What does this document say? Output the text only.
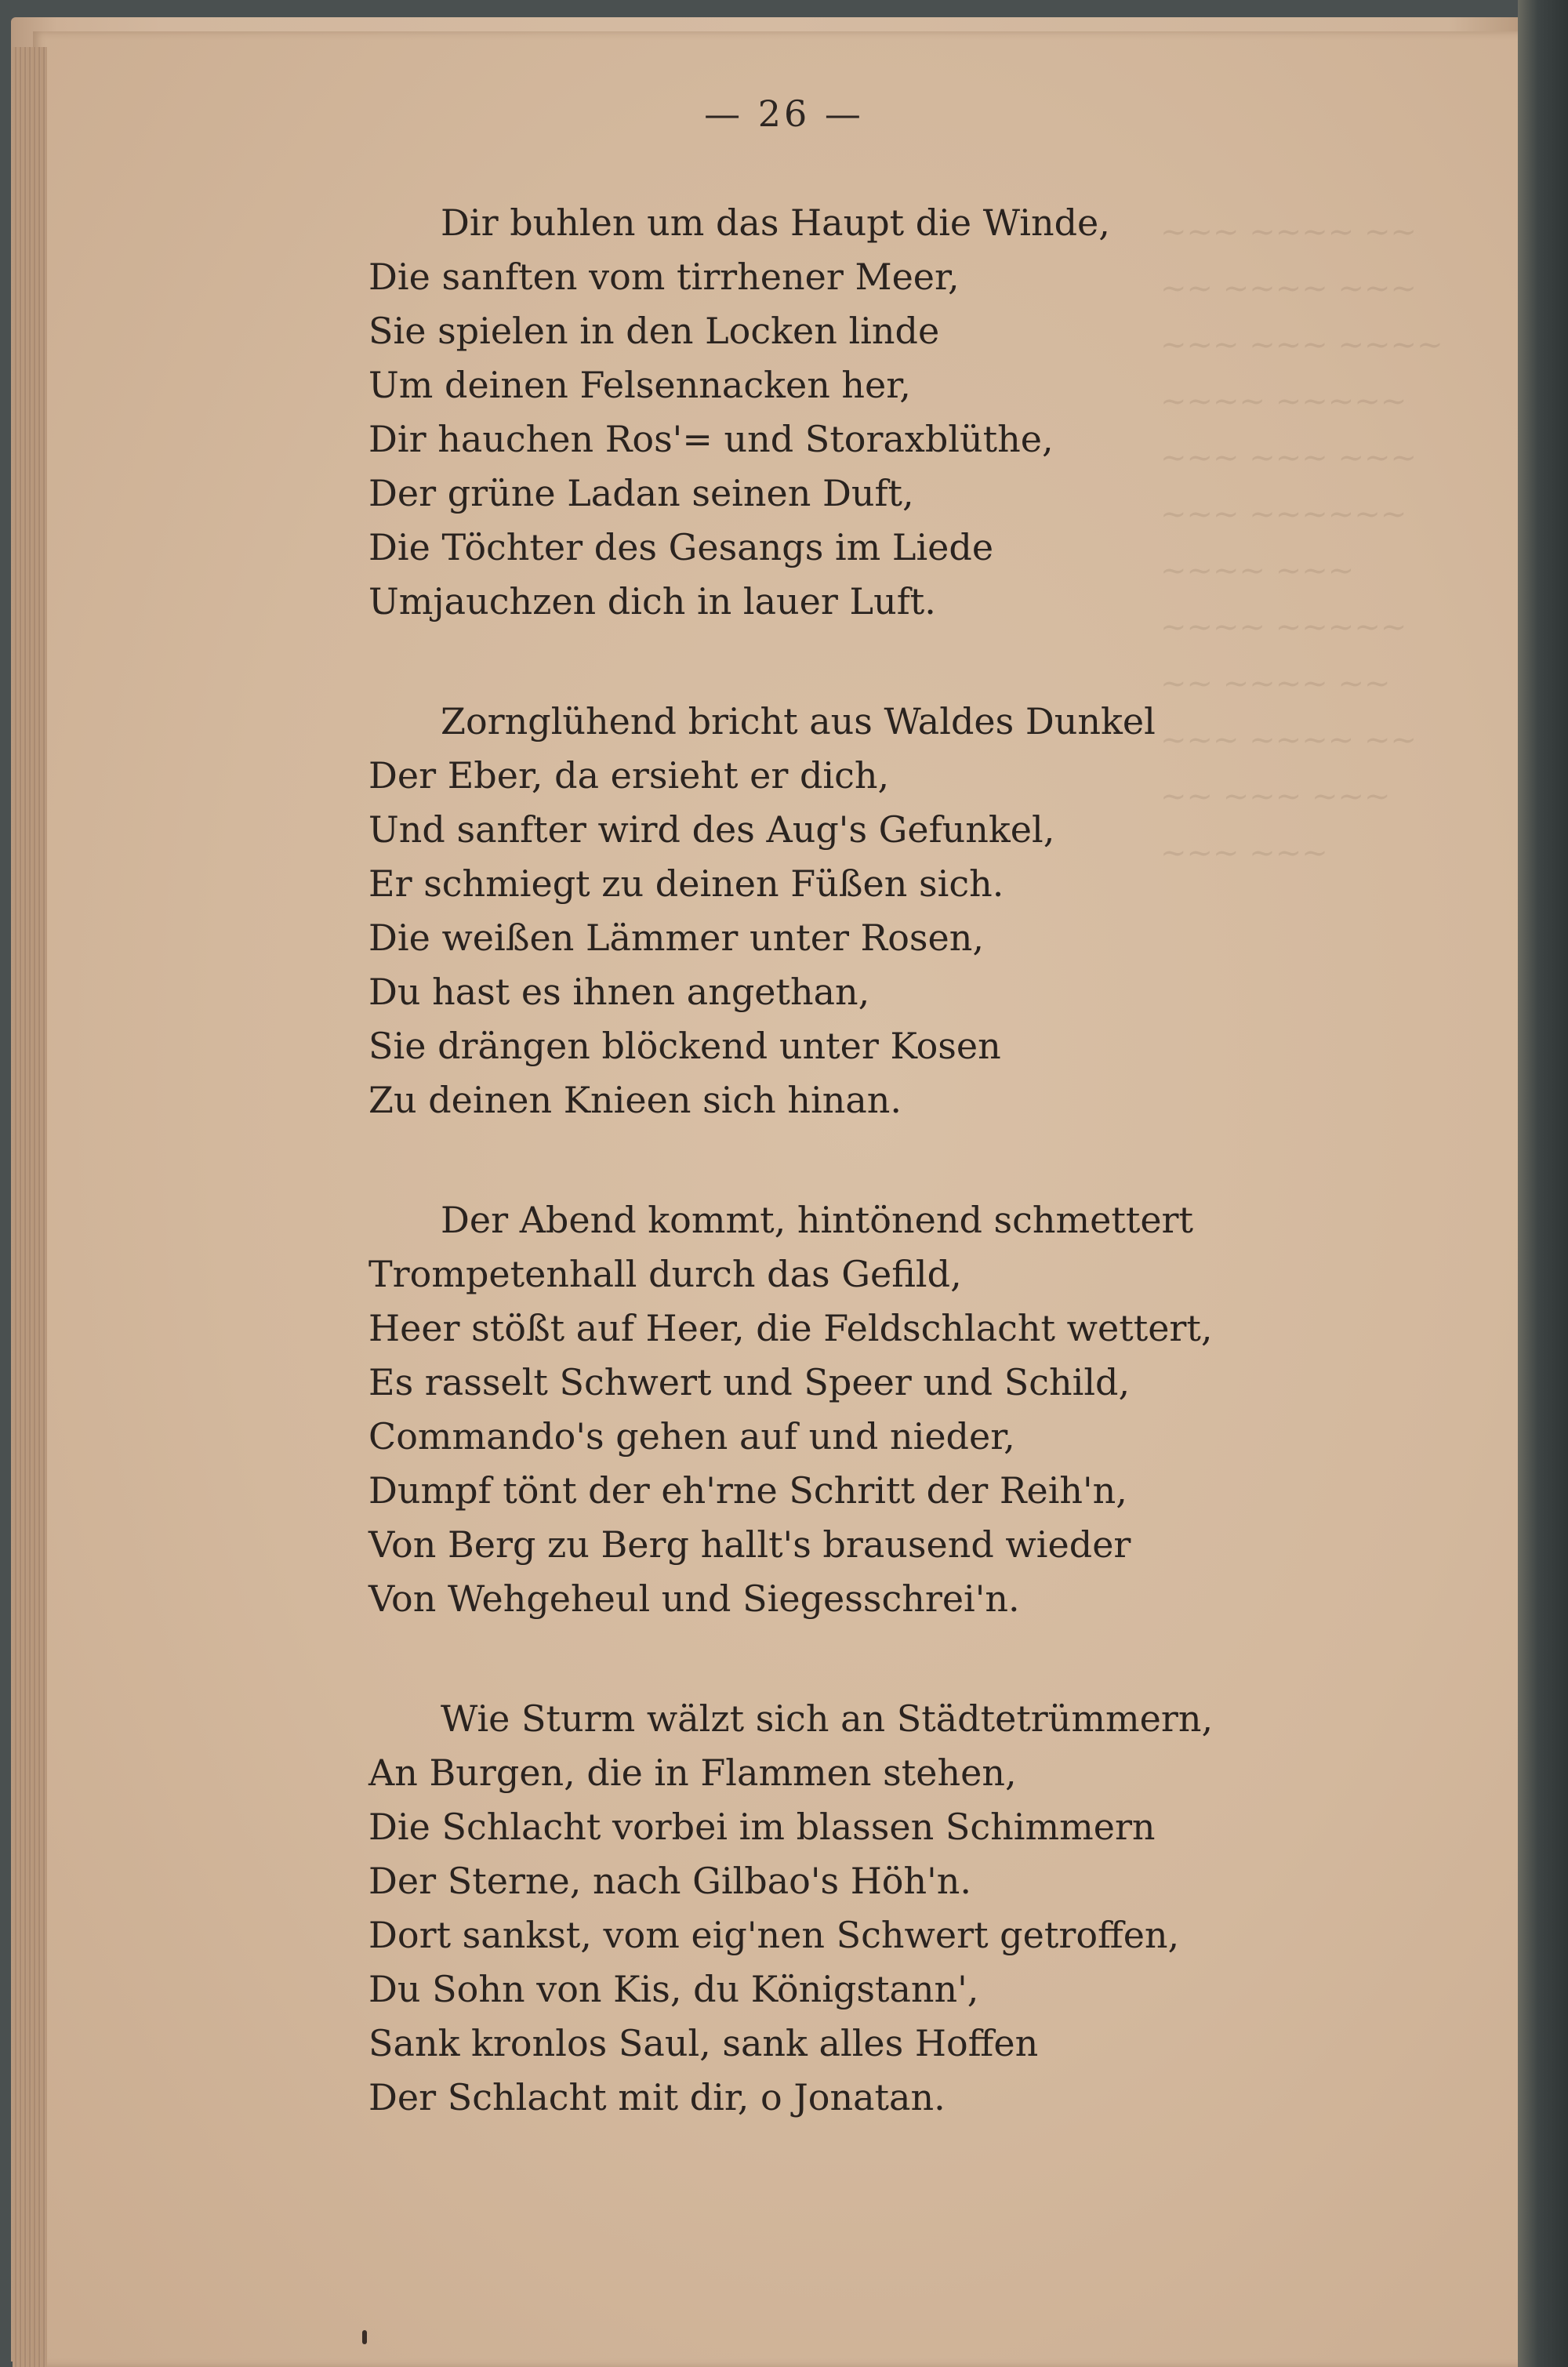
— 26 —
Dir buhlen um das Haupt die Winde,
Die sanften vom tirrhener Meer,
Sie spielen in den Locken linde
Um deinen Felsennacken her,
Dir hauchen Ros'= und Storaxblüthe,
Der grüne Ladan seinen Duft,
Die Töchter des Gesangs im Liede
Umjauchzen dich in lauer Luft.
Zornglühend bricht aus Waldes Dunkel
Der Eber, da ersieht er dich,
Und sanfter wird des Aug's Gefunkel,
Er schmiegt zu deinen Füßen sich.
Die weißen Lämmer unter Rosen,
Du hast es ihnen angethan,
Sie drängen blöckend unter Kosen
Zu deinen Knieen sich hinan.
Der Abend kommt, hintönend schmettert
Trompetenhall durch das Gefild,
Heer stößt auf Heer, die Feldschlacht wettert,
Es rasselt Schwert und Speer und Schild,
Commando's gehen auf und nieder,
Dumpf tönt der eh'rne Schritt der Reih'n,
Von Berg zu Berg hallt's brausend wieder
Von Wehgeheul und Siegesschrei'n.
Wie Sturm wälzt sich an Städtetrümmern,
An Burgen, die in Flammen stehen,
Die Schlacht vorbei im blassen Schimmern
Der Sterne, nach Gilbao's Höh'n.
Dort sankst, vom eig'nen Schwert getroffen,
Du Sohn von Kis, du Königstann',
Sank kronlos Saul, sank alles Hoffen
Der Schlacht mit dir, o Jonatan.
